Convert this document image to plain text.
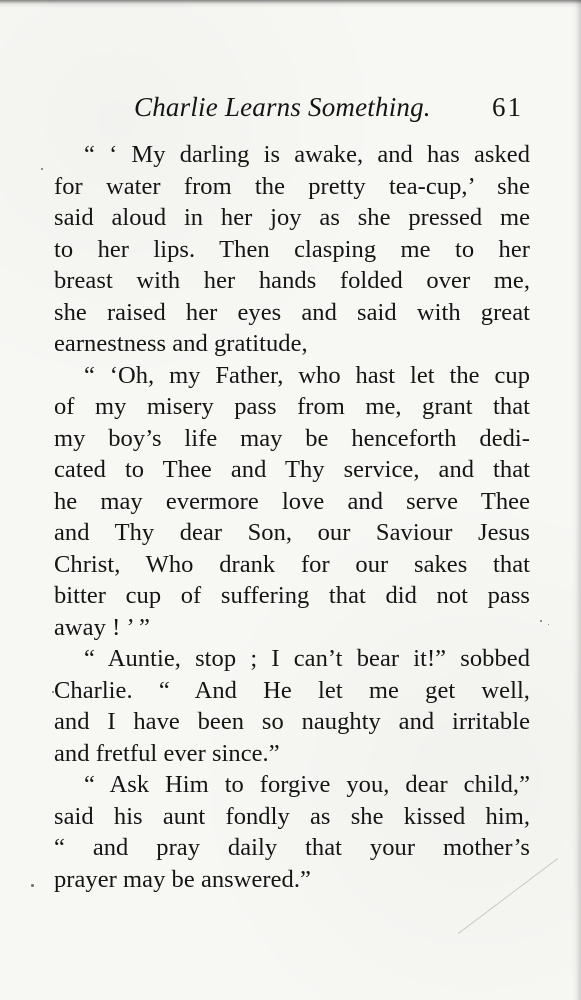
Charlie Learns Something.	61
“ ‘ My darling is awake, and has asked
for water from the pretty tea-cup,’ she
said aloud in her joy as she pressed me
to her lips. Then clasping me to her
breast with her hands folded over me,
she raised her eyes and said with great
earnestness and gratitude,
“ ‘Oh, my Father, who hast let the cup
of my misery pass from me, grant that
my boy’s life may be henceforth dedi-
cated to Thee and Thy service, and that
he may evermore love and serve Thee
and Thy dear Son, our Saviour Jesus
Christ, Who drank for our sakes that
bitter cup of suffering that did not pass
away ! ’ ”
“ Auntie, stop ; I can’t bear it!” sobbed
Charlie. “ And He let me get well,
and I have been so naughty and irritable
and fretful ever since.”
“ Ask Him to forgive you, dear child,”
said his aunt fondly as she kissed him,
“ and pray daily that your mother’s
prayer may be answered.”
